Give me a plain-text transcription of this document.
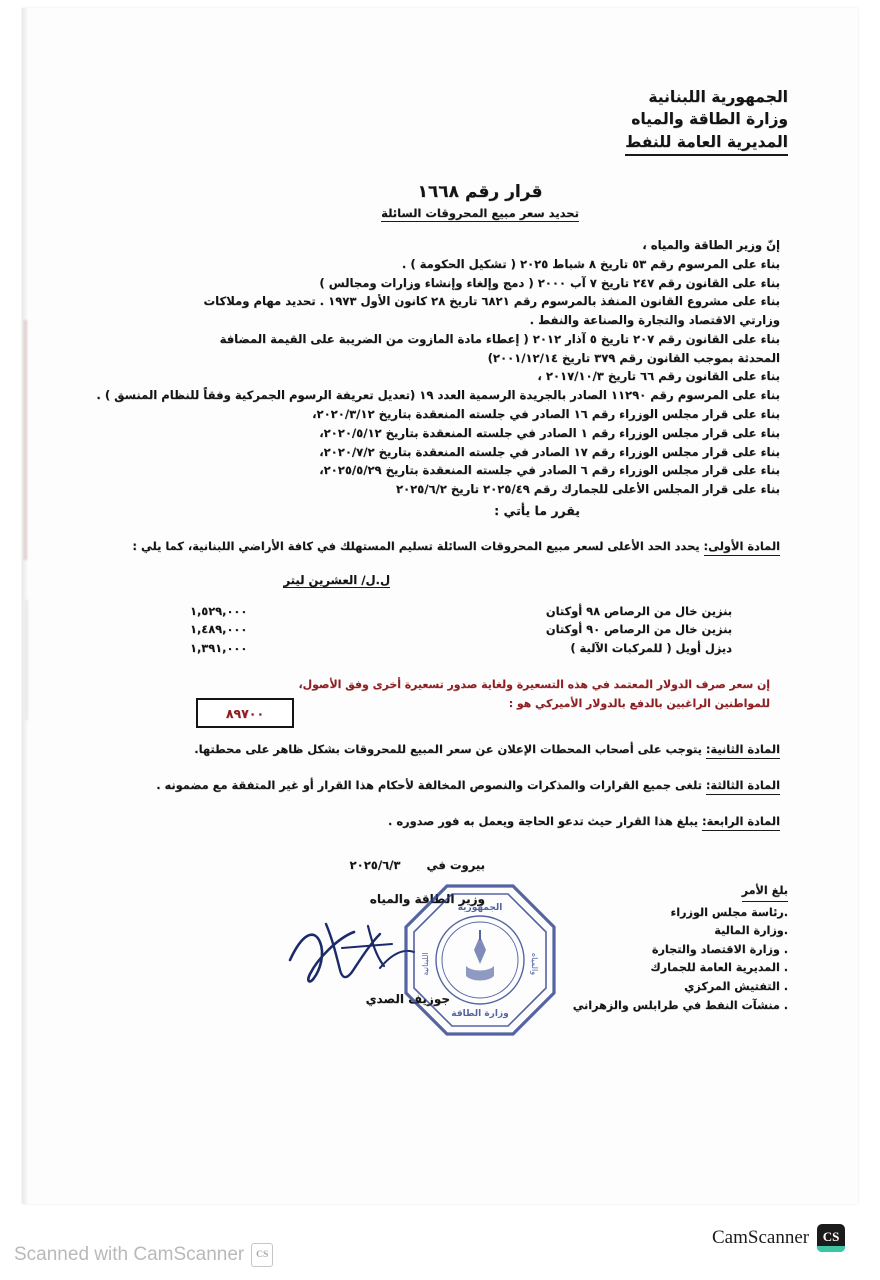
الجمهورية اللبنانية
وزارة الطاقة والمياه
المديرية العامة للنفط
قرار رقم ١٦٦٨
تحديد سعر مبيع المحروقات السائلة
إنّ وزير الطاقة والمياه ،
بناء على المرسوم رقم ٥٣ تاريخ ٨ شباط ٢٠٢٥ ( تشكيل الحكومة ) .
بناء على القانون رقم ٢٤٧ تاريخ ٧ آب ٢٠٠٠ ( دمج وإلغاء وإنشاء وزارات ومجالس )
بناء على مشروع القانون المنفذ بالمرسوم رقم ٦٨٢١ تاريخ ٢٨ كانون الأول ١٩٧٣ . تحديد مهام وملاكات
وزارتي الاقتصاد والتجارة والصناعة والنفط .
بناء على القانون رقم ٢٠٧ تاريخ ٥ آذار ٢٠١٢ ( إعطاء مادة المازوت من الضريبة على القيمة المضافة
المحدثة بموجب القانون رقم ٣٧٩ تاريخ ٢٠٠١/١٢/١٤)
بناء على القانون رقم ٦٦ تاريخ ٢٠١٧/١٠/٣ ،
بناء على المرسوم رقم ١١٢٩٠ الصادر بالجريدة الرسمية العدد ١٩ (تعديل تعريفة الرسوم الجمركية وفقاً للنظام المنسق ) .
بناء على قرار مجلس الوزراء رقم ١٦ الصادر في جلسته المنعقدة بتاريخ ٢٠٢٠/٣/١٢،
بناء على قرار مجلس الوزراء رقم ١ الصادر في جلسته المنعقدة بتاريخ ٢٠٢٠/٥/١٢،
بناء على قرار مجلس الوزراء رقم ١٧ الصادر في جلسته المنعقدة بتاريخ ٢٠٢٠/٧/٢،
بناء على قرار مجلس الوزراء رقم ٦ الصادر في جلسته المنعقدة بتاريخ ٢٠٢٥/٥/٢٩،
بناء على قرار المجلس الأعلى للجمارك رقم ٢٠٢٥/٤٩ تاريخ ٢٠٢٥/٦/٢
يقرر ما يأتي :
المادة الأولى: يحدد الحد الأعلى لسعر مبيع المحروقات السائلة تسليم المستهلك في كافة الأراضي اللبنانية، كما يلي :
ل.ل/ العشرين ليتر
بنزين خال من الرصاص ٩٨ أوكتان
بنزين خال من الرصاص ٩٠ أوكتان
ديزل أويل ( للمركبات الآلية )
١,٥٢٩,٠٠٠
١,٤٨٩,٠٠٠
١,٣٩١,٠٠٠
إن سعر صرف الدولار المعتمد في هذه التسعيرة ولغاية صدور تسعيرة أخرى وفق الأصول،
للمواطنين الراغبين بالدفع بالدولار الأميركي هو :
٨٩٧٠٠
المادة الثانية: يتوجب على أصحاب المحطات الإعلان عن سعر المبيع للمحروقات بشكل ظاهر على محطتها.
المادة الثالثة: تلغى جميع القرارات والمذكرات والنصوص المخالفة لأحكام هذا القرار أو غير المتفقة مع مضمونه .
المادة الرابعة: يبلغ هذا القرار حيث تدعو الحاجة ويعمل به فور صدوره .
بيروت في٢٠٢٥/٦/٣
وزير الطاقة والمياه
جوزيف الصدي
الجمهورية
وزارة الطاقة
اللبنانية	والمياه
بلغ الأمر
.رئاسة مجلس الوزراء
.وزارة المالية
. وزارة الاقتصاد والتجارة
. المديرية العامة للجمارك
. التفتيش المركزي
. منشآت النفط في طرابلس والزهراني
CS
CamScanner
CS
Scanned with CamScanner
